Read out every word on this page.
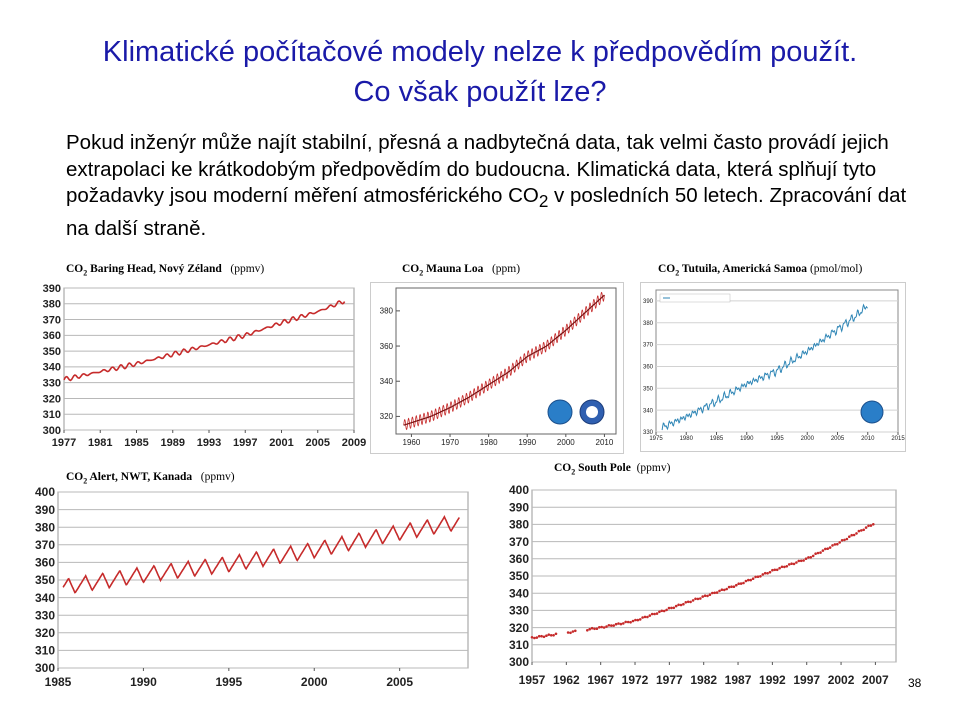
Klimatické počítačové modely nelze k předpovědím použít.
Co však použít lze?
Pokud inženýr může najít stabilní, přesná a nadbytečná data, tak velmi často provádí jejich extrapolaci ke krátkodobým předpovědím do budoucna. Klimatická data, která splňují tyto požadavky jsou moderní měření atmosférického $CO_2$ v posledních 50 letech. Zpracování dat na další straně.
$CO_2$ Baring Head, Nový Zéland (ppmv)	$CO_2$ Mauna Loa (ppm)	$CO_2$ Tutuila, Americká Samoa (pmol/mol)
$CO_2$ Alert, NWT, Kanada (ppmv)
$CO_2$ South Pole (ppmv)
300
310
320
330
340
350
360
370
380
390
1977 1981 1985 1989 1993 1997 2001 2005 2009
320
340
360
380
1960	1970	1980	1990	2000	2010
330
340
350
360
370
380
390
1975	1980	1985	1990	1995	2000	2005	2010	2015
300
310
320
330
340
350
360
370
380
390
400
1985	1990	1995	2000	2005
300
310
320
330
340
350
360
370
380
390
400
1957 1962 1967 1972 1977 1982 1987 1992 1997 2002 2007 38
